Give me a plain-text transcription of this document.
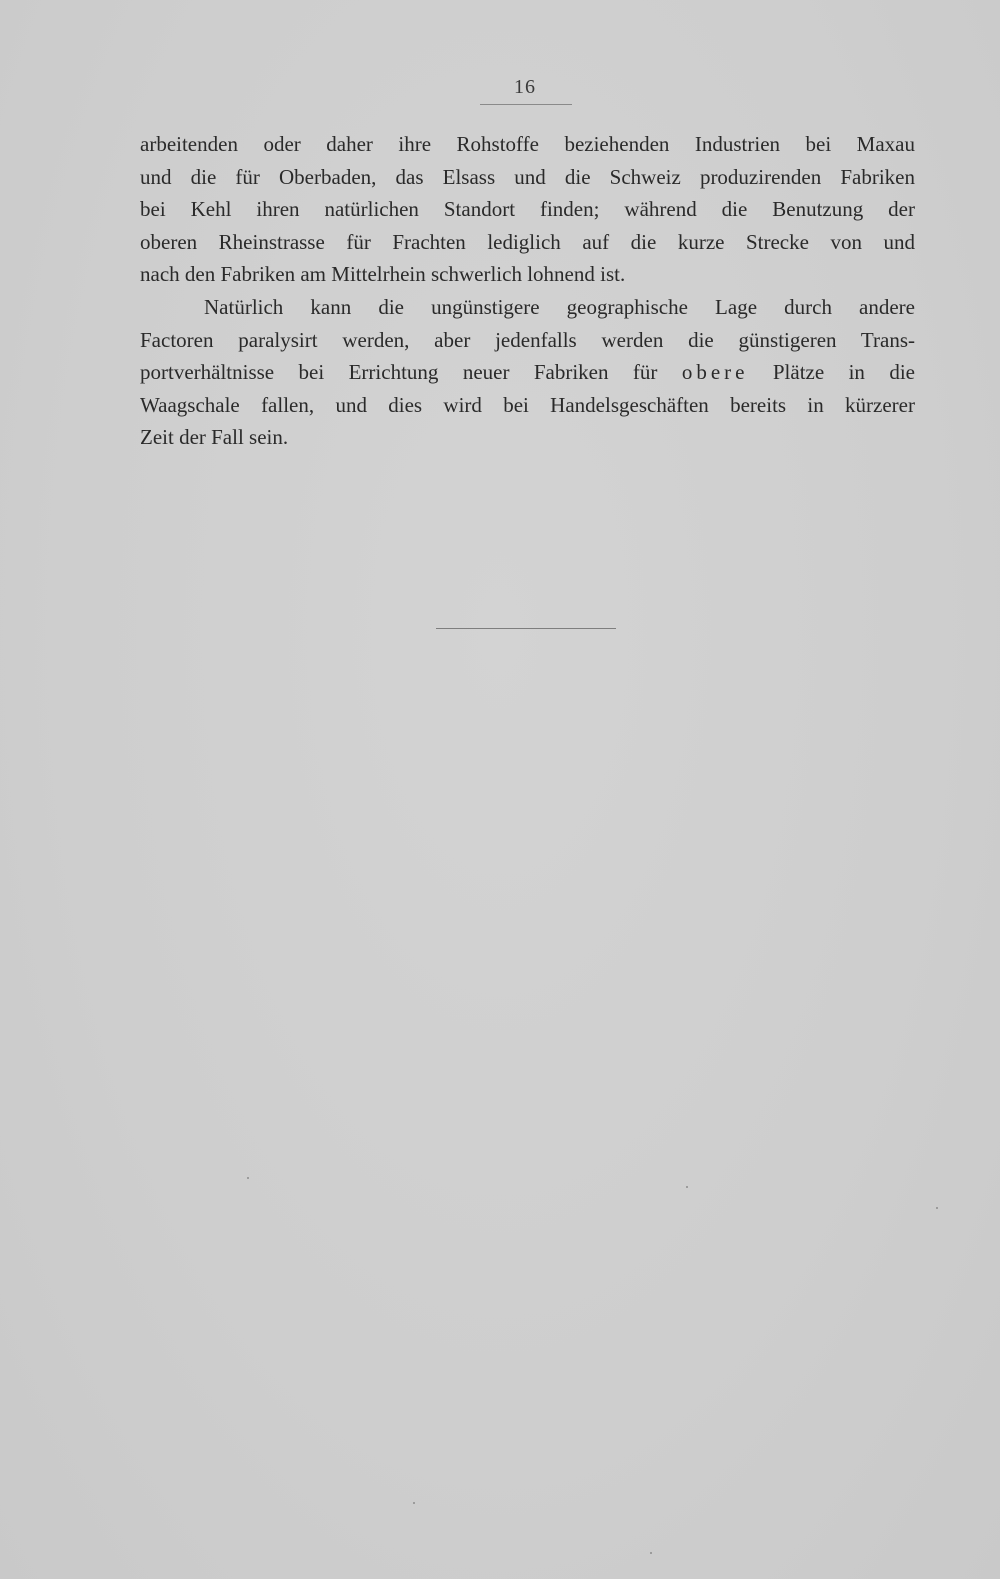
16
arbeitenden oder daher ihre Rohstoffe beziehenden Industrien bei Maxau
und die für Oberbaden, das Elsass und die Schweiz produzirenden Fabriken
bei Kehl ihren natürlichen Standort finden; während die Benutzung der
oberen Rheinstrasse für Frachten lediglich auf die kurze Strecke von und
nach den Fabriken am Mittelrhein schwerlich lohnend ist.
Natürlich kann die ungünstigere geographische Lage durch andere
Factoren paralysirt werden, aber jedenfalls werden die günstigeren Trans-
portverhältnisse bei Errichtung neuer Fabriken für obere Plätze in die
Waagschale fallen, und dies wird bei Handelsgeschäften bereits in kürzerer
Zeit der Fall sein.
